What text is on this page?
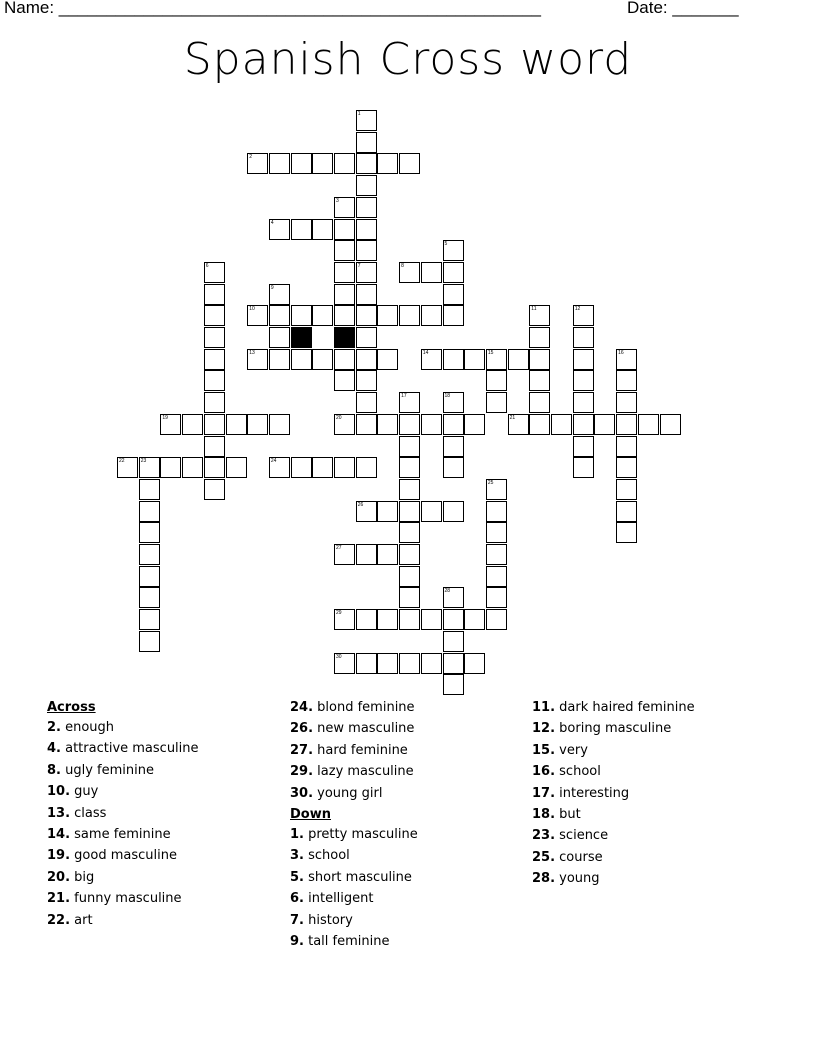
Name: ___________________________________________________	Date: _______
Spanish Cross word
2
4
8
10
13	14	15
19	20	21
22	23	24
26
27
29
30
1
3
5
6	7
9
11	12
16
17	18
25
28
Across
2. enough
4. attractive masculine
8. ugly feminine
10. guy
13. class
14. same feminine
19. good masculine
20. big
21. funny masculine
22. art
24. blond feminine
26. new masculine
27. hard feminine
29. lazy masculine
30. young girl
Down
1. pretty masculine
3. school
5. short masculine
6. intelligent
7. history
9. tall feminine
11. dark haired feminine
12. boring masculine
15. very
16. school
17. interesting
18. but
23. science
25. course
28. young
